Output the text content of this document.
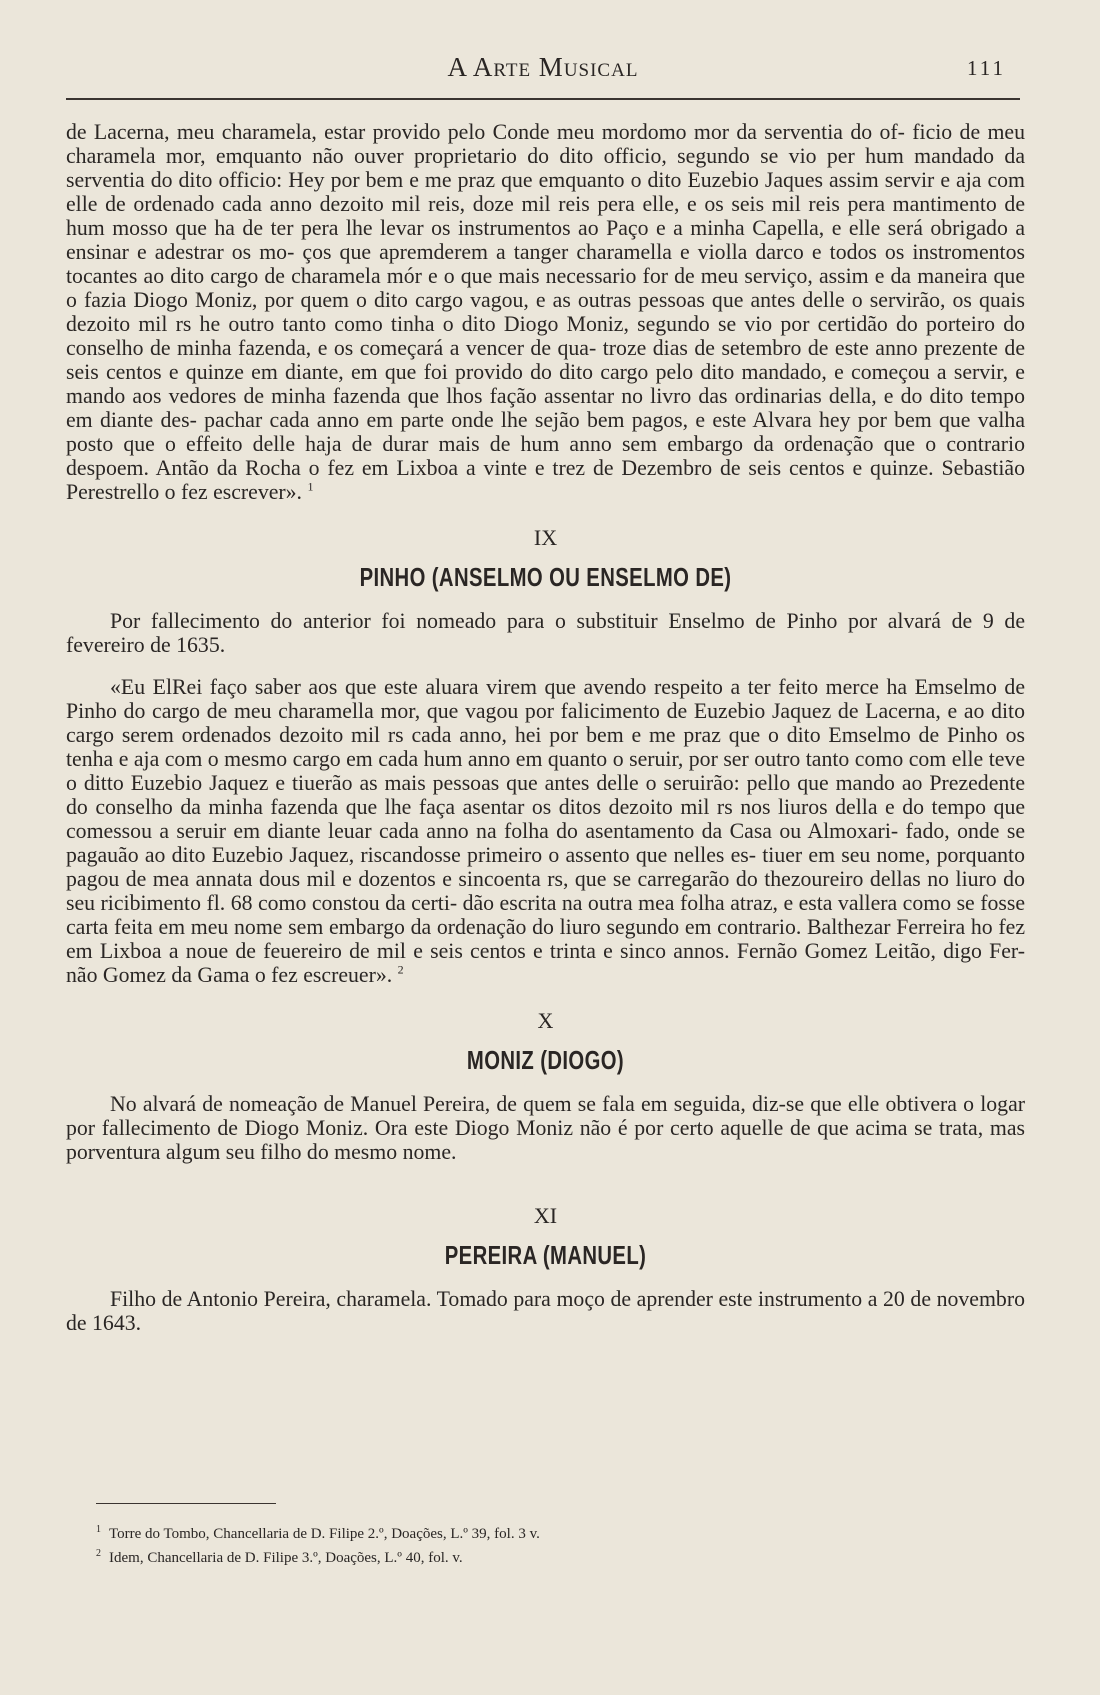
A Arte Musical	111

de Lacerna, meu charamela, estar provido pelo Conde meu mordomo mor da serventia do of- ficio de meu charamela mor, emquanto não ouver proprietario do dito officio, segundo se vio per hum mandado da serventia do dito officio: Hey por bem e me praz que emquanto o dito Euzebio Jaques assim servir e aja com elle de ordenado cada anno dezoito mil reis, doze mil reis pera elle, e os seis mil reis pera mantimento de hum mosso que ha de ter pera lhe levar os instrumentos ao Paço e a minha Capella, e elle será obrigado a ensinar e adestrar os mo- ços que apremderem a tanger charamella e violla darco e todos os instromentos tocantes ao dito cargo de charamela mór e o que mais necessario for de meu serviço, assim e da maneira que o fazia Diogo Moniz, por quem o dito cargo vagou, e as outras pessoas que antes delle o servirão, os quais dezoito mil rs he outro tanto como tinha o dito Diogo Moniz, segundo se vio por certidão do porteiro do conselho de minha fazenda, e os começará a vencer de qua- troze dias de setembro de este anno prezente de seis centos e quinze em diante, em que foi provido do dito cargo pelo dito mandado, e começou a servir, e mando aos vedores de minha fazenda que lhos fação assentar no livro das ordinarias della, e do dito tempo em diante des- pachar cada anno em parte onde lhe sejão bem pagos, e este Alvara hey por bem que valha posto que o effeito delle haja de durar mais de hum anno sem embargo da ordenação que o contrario despoem. Antão da Rocha o fez em Lixboa a vinte e trez de Dezembro de seis centos e quinze. Sebastião Perestrello o fez escrever». $^1$

IX
PINHO (ANSELMO OU ENSELMO DE)

Por fallecimento do anterior foi nomeado para o substituir Enselmo de Pinho por alvará de 9 de fevereiro de 1635.

«Eu ElRei faço saber aos que este aluara virem que avendo respeito a ter feito merce ha Emselmo de Pinho do cargo de meu charamella mor, que vagou por falicimento de Euzebio Jaquez de Lacerna, e ao dito cargo serem ordenados dezoito mil rs cada anno, hei por bem e me praz que o dito Emselmo de Pinho os tenha e aja com o mesmo cargo em cada hum anno em quanto o seruir, por ser outro tanto como com elle teve o ditto Euzebio Jaquez e tiuerão as mais pessoas que antes delle o seruirão: pello que mando ao Prezedente do conselho da minha fazenda que lhe faça asentar os ditos dezoito mil rs nos liuros della e do tempo que comessou a seruir em diante leuar cada anno na folha do asentamento da Casa ou Almoxari- fado, onde se pagauão ao dito Euzebio Jaquez, riscandosse primeiro o assento que nelles es- tiuer em seu nome, porquanto pagou de mea annata dous mil e dozentos e sincoenta rs, que se carregarão do thezoureiro dellas no liuro do seu ricibimento fl. 68 como constou da certi- dão escrita na outra mea folha atraz, e esta vallera como se fosse carta feita em meu nome sem embargo da ordenação do liuro segundo em contrario. Balthezar Ferreira ho fez em Lixboa a noue de feuereiro de mil e seis centos e trinta e sinco annos. Fernão Gomez Leitão, digo Fer- não Gomez da Gama o fez escreuer». $^2$

X
MONIZ (DIOGO)

No alvará de nomeação de Manuel Pereira, de quem se fala em seguida, diz-se que elle obtivera o logar por fallecimento de Diogo Moniz. Ora este Diogo Moniz não é por certo aquelle de que acima se trata, mas porventura algum seu filho do mesmo nome.

XI
PEREIRA (MANUEL)

Filho de Antonio Pereira, charamela. Tomado para moço de aprender este instrumento a 20 de novembro de 1643.

$^1$ Torre do Tombo, Chancellaria de D. Filipe 2.º, Doações, L.º 39, fol. 3 v.
$^2$ Idem, Chancellaria de D. Filipe 3.º, Doações, L.º 40, fol. v.
